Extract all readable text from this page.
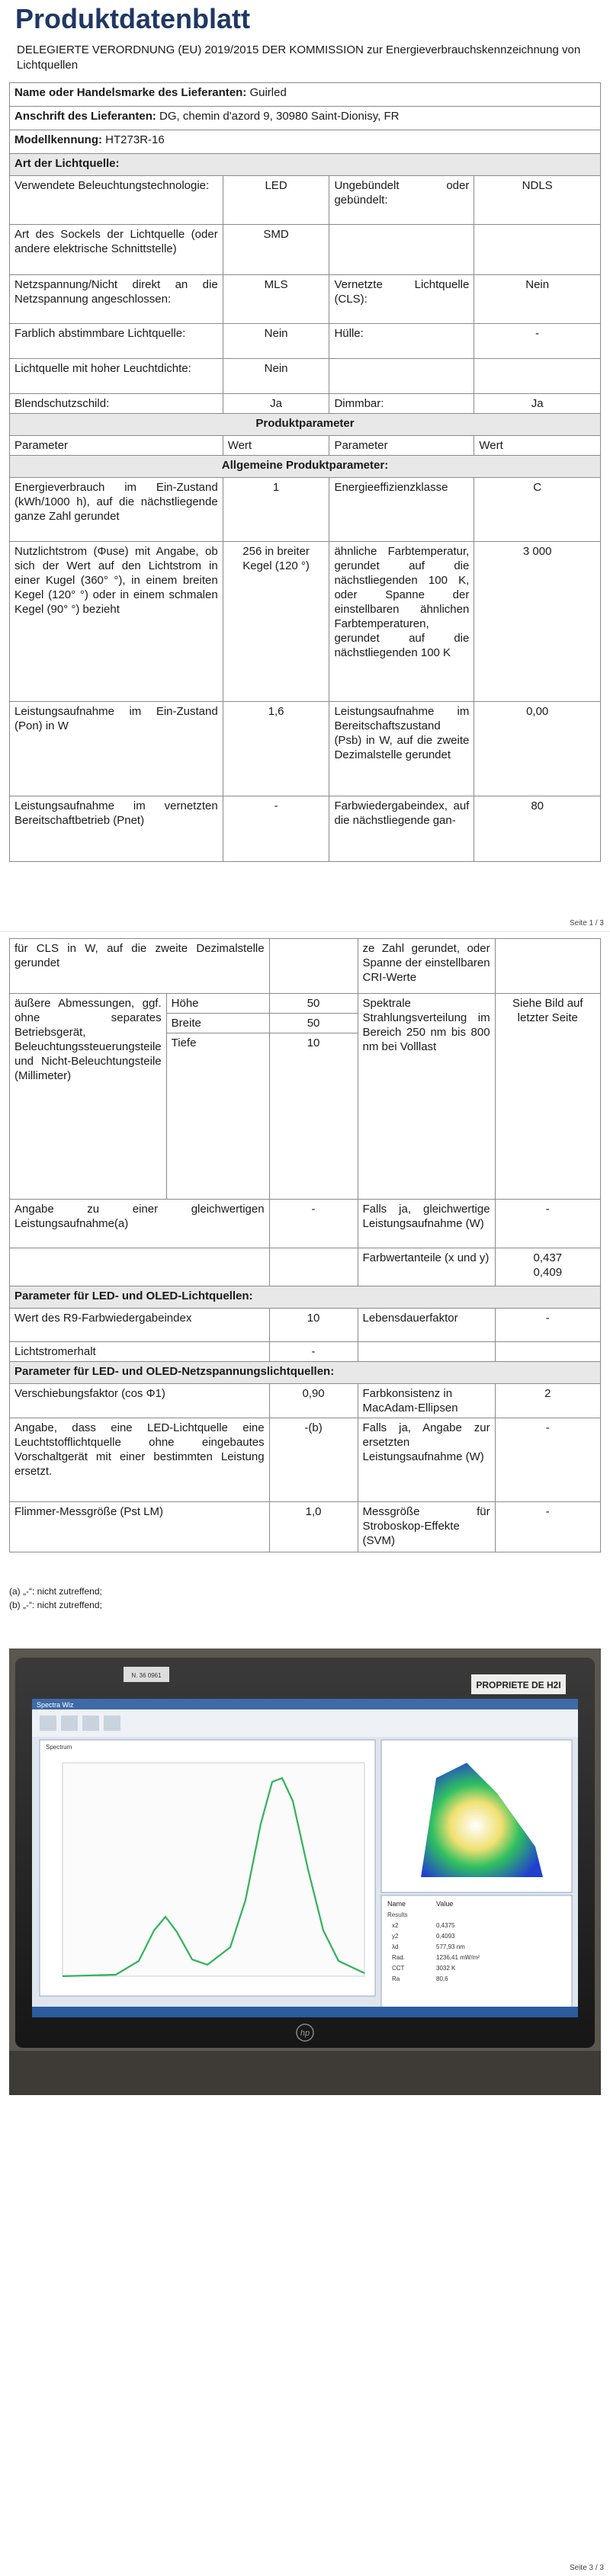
Produktdatenblatt
DELEGIERTE VERORDNUNG (EU) 2019/2015 DER KOMMISSION zur Energieverbrauchskennzeichnung von Lichtquellen
Name oder Handelsmarke des Lieferanten: Guirled			
Anschrift des Lieferanten: DG, chemin d'azord 9, 30980 Saint-Dionisy, FR			
Modellkennung: HT273R-16			
Art der Lichtquelle:			
Verwendete Beleuchtungstechnologie:	LED	Ungebündelt oder gebündelt:	NDLS
Art des Sockels der Lichtquelle (oder andere elektrische Schnittstelle)	SMD		
Netzspannung/Nicht direkt an die Netzspannung angeschlossen:	MLS	Vernetzte Lichtquelle (CLS):	Nein
Farblich abstimmbare Lichtquelle:	Nein	Hülle:	-
Lichtquelle mit hoher Leuchtdichte:	Nein		
Blendschutzschild:	Ja	Dimmbar:	Ja
Produktparameter			
Parameter	Wert	Parameter	Wert
Allgemeine Produktparameter:			
Energieverbrauch im Ein-Zustand (kWh/1000 h), auf die nächstliegende ganze Zahl gerundet	1	Energieeffizienzklasse	C
Nutzlichtstrom (Φuse) mit Angabe, ob sich der Wert auf den Lichtstrom in einer Kugel (360° °), in einem breiten Kegel (120° °) oder in einem schmalen Kegel (90° °) bezieht	256 in breiter Kegel (120 °)	ähnliche Farbtemperatur, gerundet auf die nächstliegenden 100 K, oder Spanne der einstellbaren ähnlichen Farbtemperaturen, gerundet auf die nächstliegenden 100 K	3 000
Leistungsaufnahme im Ein-Zustand (Pon) in W	1,6	Leistungsaufnahme im Bereitschaftszustand (Psb) in W, auf die zweite Dezimalstelle gerundet	0,00
Leistungsaufnahme im vernetzten Bereitschaftbetrieb (Pnet)	-	Farbwiedergabeindex, auf die nächstliegende gan-	80
Seite 1 / 3
für CLS in W, auf die zweite Dezimalstelle gerundet			ze Zahl gerundet, oder Spanne der einstellbaren CRI-Werte	
äußere Abmessungen, ggf. ohne separates Betriebsgerät, Beleuchtungssteuerungsteile und Nicht-Beleuchtungsteile (Millimeter)	Höhe	50	Spektrale Strahlungsverteilung im Bereich 250 nm bis 800 nm bei Volllast	Siehe Bild auf letzter Seite
	Breite	50		
	Tiefe	10		
Angabe zu einer gleichwertigen Leistungsaufnahme(a)		-	Falls ja, gleichwertige Leistungsaufnahme (W)	-
			Farbwertanteile (x und y)	0,437
0,409

Parameter für LED- und OLED-Lichtquellen:				
Wert des R9-Farbwiedergabeindex		10	Lebensdauerfaktor	-
Lichtstromerhalt		-		
Parameter für LED- und OLED-Netzspannungslichtquellen:				
Verschiebungsfaktor (cos Φ1)		0,90	Farbkonsistenz in MacAdam-Ellipsen	2
Angabe, dass eine LED-Lichtquelle eine Leuchtstofflichtquelle ohne eingebautes Vorschaltgerät mit einer bestimmten Leistung ersetzt.		-(b)	Falls ja, Angabe zur ersetzten Leistungsaufnahme (W)	-
Flimmer-Messgröße (Pst LM)		1,0	Messgröße für Stroboskop-Effekte (SVM)	-
(a) „-“: nicht zutreffend;
(b) „-“: nicht zutreffend;
PROPRIETE DE H2I
N. 36 0961
Spectra Wiz
Spectrum
Name	Value
Results
x2	0,4375
y2	0,4093
λd	577,93 nm
Rad.	1236,41 mW/m²
CCT	3032 K
Ra	80,6
hp
Seite 3 / 3
